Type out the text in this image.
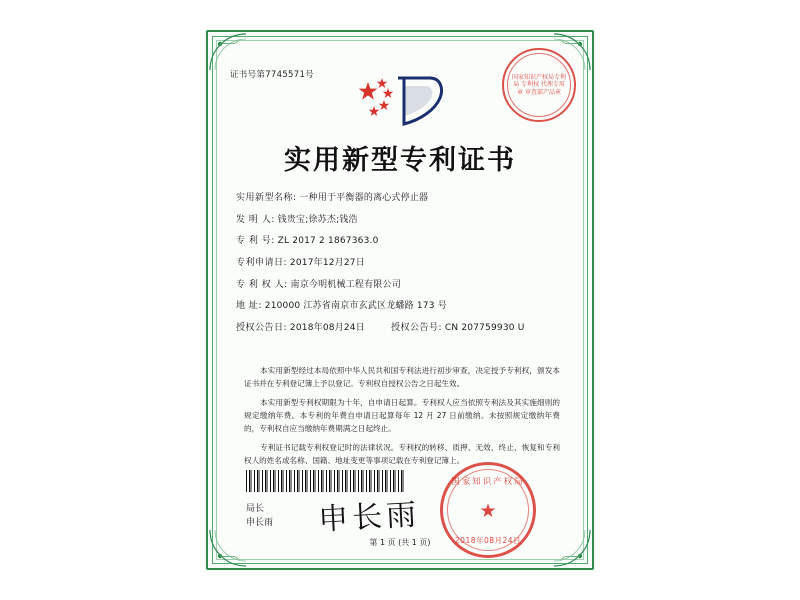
证书号第7745571号	国家知识产权局专利局 专利权 代理专用章 审查部产品章
实用新型专利证书
实用新型名称: 一种用于平衡器的离心式停止器
发 明 人: 钱贵宝;徐苏杰;钱浩
专 利 号: ZL 2017 2 1867363.0
专利申请日: 2017年12月27日
专 利 权 人: 南京今明机械工程有限公司
地 址: 210000 江苏省南京市玄武区龙蟠路 173 号
授权公告日: 2018年08月24日	授权公告号: CN 207759930 U

本实用新型经过本局依照中华人民共和国专利法进行初步审查，决定授予专利权，颁发本证书并在专利登记簿上予以登记。专利权自授权公告之日起生效。

本实用新型专利权期限为十年，自申请日起算。专利权人应当依照专利法及其实施细则的规定缴纳年费。本专利的年费自申请日起算每年 12 月 27 日前缴纳。未按照规定缴纳年费的，专利权自应当缴纳年费期满之日起终止。

专利证书记载专利权登记时的法律状况。专利权的转移、质押、无效、终止、恢复和专利权人的姓名或名称、国籍、地址变更等事项记载在专利登记簿上。

局长
申长雨 申长雨
国家知识产权局
★
2018年08月24日
第 1 页 (共 1 页)
